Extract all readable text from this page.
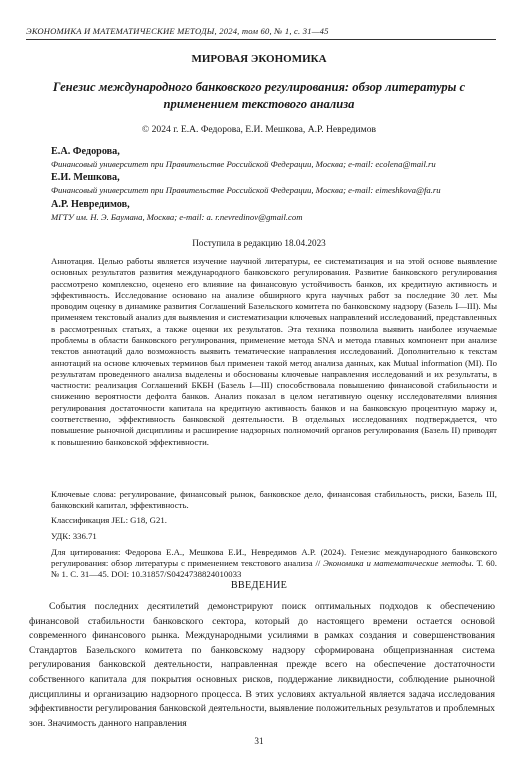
ЭКОНОМИКА И МАТЕМАТИЧЕСКИЕ МЕТОДЫ, 2024, том 60, № 1, с. 31—45
МИРОВАЯ ЭКОНОМИКА
Генезис международного банковского регулирования: обзор литературы с применением текстового анализа
© 2024 г. Е.А. Федорова, Е.И. Мешкова, А.Р. Невредимов
Е.А. Федорова,
Финансовый университет при Правительстве Российской Федерации, Москва; e-mail: ecolena@mail.ru
Е.И. Мешкова,
Финансовый университет при Правительстве Российской Федерации, Москва; e-mail: eimeshkova@fa.ru
А.Р. Невредимов,
МГТУ им. Н. Э. Баумана, Москва; e-mail: a. r.nevredinov@gmail.com
Поступила в редакцию 18.04.2023
Аннотация. Целью работы является изучение научной литературы, ее систематизация и на этой основе выявление основных результатов развития международного банковского регулирования. Развитие банковского регулирования рассмотрено комплексно, оценено его влияние на финансовую устойчивость банков, их кредитную активность и эффективность. Исследование основано на анализе обширного круга научных работ за последние 30 лет. Мы проводим оценку в динамике развития Соглашений Базельского комитета по банковскому надзору (Базель I—III). Мы применяем текстовый анализ для выявления и систематизации ключевых направлений исследований, представленных в рассмотренных статьях, а также оценки их результатов. Эта техника позволила выявить наиболее изучаемые проблемы в области банковского регулирования, применение метода SNA и метода главных компонент при анализе текстов аннотаций дало возможность выявить тематические направления исследований. Дополнительно к текстам аннотаций на основе ключевых терминов был применен такой метод анализа данных, как Mutual information (MI). По результатам проведенного анализа выделены и обоснованы ключевые направления исследований и их результаты, в частности: реализация Соглашений БКБН (Базель I—III) способствовала повышению финансовой стабильности и снижению вероятности дефолта банков. Анализ показал в целом негативную оценку исследователями влияния регулирования достаточности капитала на кредитную активность банков и на банковскую процентную маржу и, соответственно, эффективность банковской деятельности. В отдельных исследованиях подтверждается, что повышение рыночной дисциплины и расширение надзорных полномочий органов регулирования (Базель II) приводят к повышению банковской эффективности.
Ключевые слова: регулирование, финансовый рынок, банковское дело, финансовая стабильность, риски, Базель III, банковский капитал, эффективность.
Классификация JEL: G18, G21.
УДК: 336.71
Для цитирования: Федорова Е.А., Мешкова Е.И., Невредимов А.Р. (2024). Генезис международного банковского регулирования: обзор литературы с применением текстового анализа // Экономика и математические методы. Т. 60. № 1. С. 31—45. DOI: 10.31857/S0424738824010033
ВВЕДЕНИЕ
События последних десятилетий демонстрируют поиск оптимальных подходов к обеспечению финансовой стабильности банковского сектора, который до настоящего времени остается основой современного финансового рынка. Международными усилиями в рамках создания и совершенствования Стандартов Базельского комитета по банковскому надзору сформирована общепризнанная система регулирования банковской деятельности, направленная прежде всего на обеспечение достаточности собственного капитала для покрытия основных рисков, поддержание ликвидности, соблюдение рыночной дисциплины и организацию надзорного процесса. В этих условиях актуальной является задача исследования эффективности регулирования банковской деятельности, выявление положительных результатов и проблемных зон. Значимость данного направления
31
